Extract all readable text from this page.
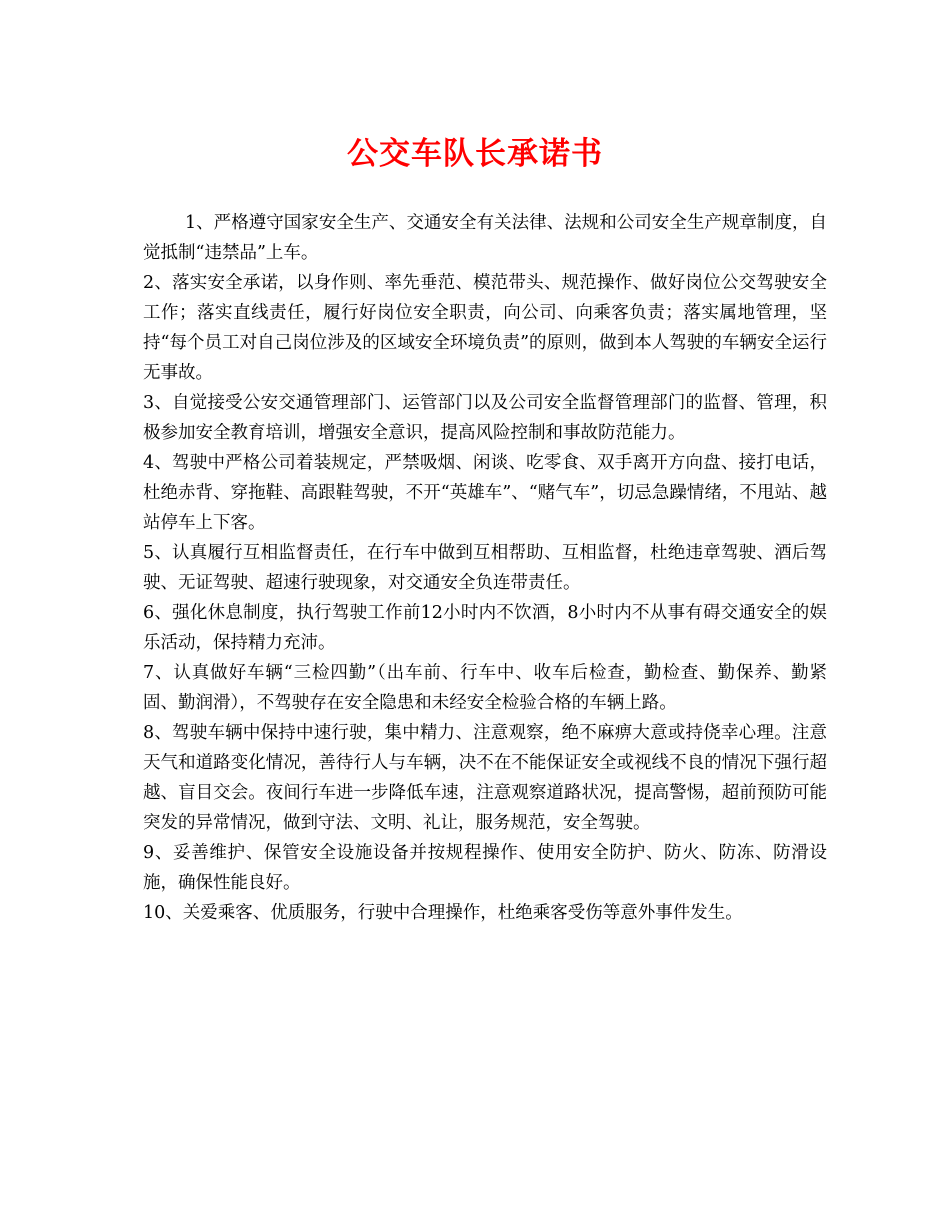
公交车队长承诺书

1、严格遵守国家安全生产、交通安全有关法律、法规和公司安全生产规章制度，自觉抵制“违禁品”上车。

2、落实安全承诺，以身作则、率先垂范、模范带头、规范操作、做好岗位公交驾驶安全工作；落实直线责任，履行好岗位安全职责，向公司、向乘客负责；落实属地管理，坚持“每个员工对自己岗位涉及的区域安全环境负责”的原则，做到本人驾驶的车辆安全运行无事故。

3、自觉接受公安交通管理部门、运管部门以及公司安全监督管理部门的监督、管理，积极参加安全教育培训，增强安全意识，提高风险控制和事故防范能力。

4、驾驶中严格公司着装规定，严禁吸烟、闲谈、吃零食、双手离开方向盘、接打电话，杜绝赤背、穿拖鞋、高跟鞋驾驶，不开“英雄车”、“赌气车”，切忌急躁情绪，不甩站、越站停车上下客。

5、认真履行互相监督责任，在行车中做到互相帮助、互相监督，杜绝违章驾驶、酒后驾驶、无证驾驶、超速行驶现象，对交通安全负连带责任。

6、强化休息制度，执行驾驶工作前12小时内不饮酒，8小时内不从事有碍交通安全的娱乐活动，保持精力充沛。

7、认真做好车辆“三检四勤”（出车前、行车中、收车后检查，勤检查、勤保养、勤紧固、勤润滑），不驾驶存在安全隐患和未经安全检验合格的车辆上路。

8、驾驶车辆中保持中速行驶，集中精力、注意观察，绝不麻痹大意或持侥幸心理。注意天气和道路变化情况，善待行人与车辆，决不在不能保证安全或视线不良的情况下强行超越、盲目交会。夜间行车进一步降低车速，注意观察道路状况，提高警惕，超前预防可能突发的异常情况，做到守法、文明、礼让，服务规范，安全驾驶。

9、妥善维护、保管安全设施设备并按规程操作、使用安全防护、防火、防冻、防滑设施，确保性能良好。

10、关爱乘客、优质服务，行驶中合理操作，杜绝乘客受伤等意外事件发生。
